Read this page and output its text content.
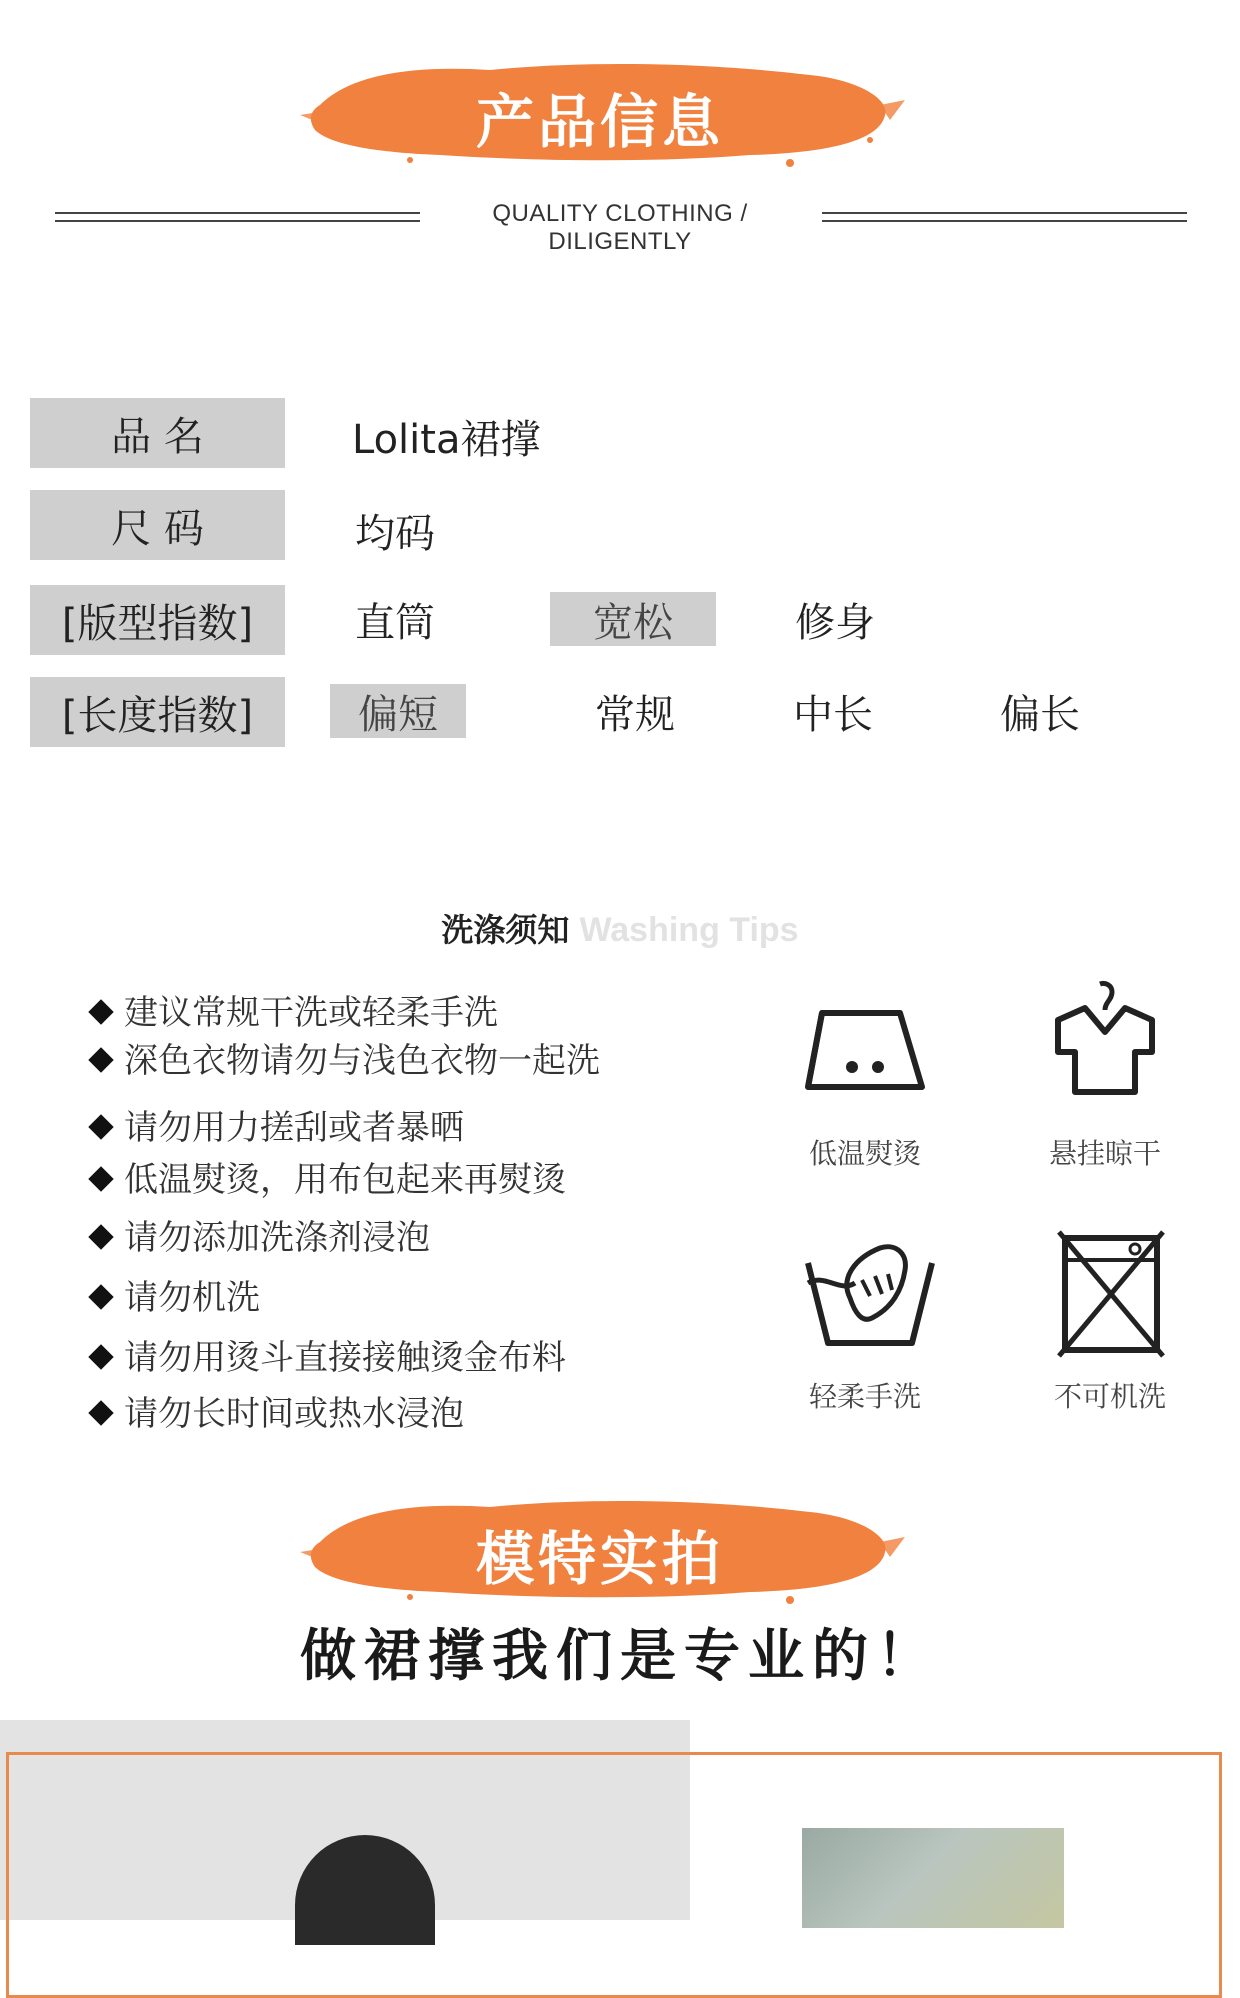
产品信息
QUALITY CLOTHING / DILIGENTLY
品 名	Lolita裙撑
尺 码	均码
[版型指数]	直筒	宽松	修身
[长度指数]	偏短	常规	中长	偏长
洗涤须知 Washing Tips
建议常规干洗或轻柔手洗
深色衣物请勿与浅色衣物一起洗
请勿用力搓刮或者暴晒
低温熨烫，用布包起来再熨烫
请勿添加洗涤剂浸泡
请勿机洗
请勿用烫斗直接接触烫金布料
请勿长时间或热水浸泡
低温熨烫	悬挂晾干
轻柔手洗	不可机洗
模特实拍
做裙撑我们是专业的！
